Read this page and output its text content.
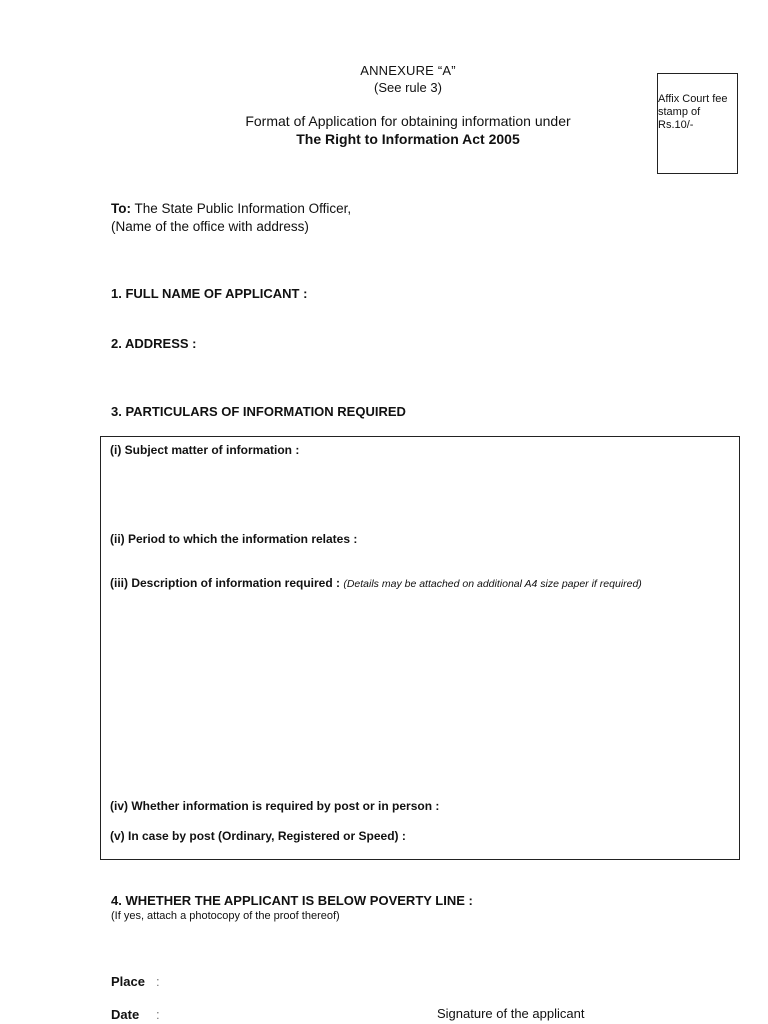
ANNEXURE “A”
(See rule 3)
Format of Application for obtaining information under
The Right to Information Act 2005
Affix Court fee stamp of Rs.10/-
To: The State Public Information Officer,
(Name of the office with address)
1. FULL NAME OF APPLICANT :
2. ADDRESS :
3. PARTICULARS OF INFORMATION REQUIRED
(i) Subject matter of information :
(ii) Period to which the information relates :
(iii) Description of information required : (Details may be attached on additional A4 size paper if required)
(iv) Whether information is required by post or in person :
(v) In case by post (Ordinary, Registered or Speed) :
4. WHETHER THE APPLICANT IS BELOW POVERTY LINE :
(If yes, attach a photocopy of the proof thereof)
Place :
Date :	Signature of the applicant
